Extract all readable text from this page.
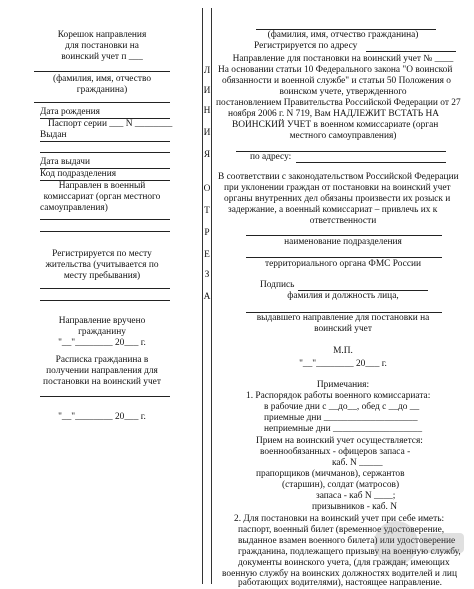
Корешок направления
для постановки на
воинский учет п ___
(фамилия, имя, отчество
гражданина)
Дата рождения
Паспорт серии ___ N ________
Выдан
Дата выдачи
Код подразделения
Направлен в военный
комиссариат (орган местного
самоуправления)
Регистрируется по месту
жительства (учитывается по
месту пребывания)
Направление вручено
гражданину
"__"________ 20___ г.
Расписка гражданина в
получении направления для
постановки на воинский учет
"__"________ 20___ г.
Л
И
Н
И
Я
О
Т
Р
Е
З
А
(фамилия, имя, отчество гражданина)
Регистрируется по адресу
Направление для постановки на воинский учет № ____
На основании статьи 10 Федерального закона "О воинской
обязанности и военной службе" и статьи 50 Положения о
воинском учете, утвержденного
постановлением Правительства Российской Федерации от 27
ноября 2006 г. N 719, Вам НАДЛЕЖИТ ВСТАТЬ НА
ВОИНСКИЙ УЧЕТ в военном комиссариате (орган
местного самоуправления)
по адресу:
В соответствии с законодательством Российской Федерации
при уклонении граждан от постановки на воинский учет
органы внутренних дел обязаны произвести их розыск и
задержание, а военный комиссариат – привлечь их к
ответственности
наименование подразделения
территориального органа ФМС России
Подпись
фамилия и должность лица,
выдавшего направление для постановки на
воинский учет
М.П.
"__"________ 20___ г.
Примечания:
1. Распорядок работы военного комиссариата:
в рабочие дни с __до__, обед с __до __
приемные дни ____________________
неприемные дни ___________________
Прием на воинский учет осуществляется:
военнообязанных - офицеров запаса -
каб. N _____
прапорщиков (мичманов), сержантов
(старшин), солдат (матросов)
запаса - каб N ____;
призывников - каб. N
2. Для постановки на воинский учет при себе иметь:
паспорт, военный билет (временное удостоверение,
выданное взамен военного билета) или удостоверение
гражданина, подлежащего призыву на военную службу,
документы воинского учета, (для граждан, имеющих
военную службу на воинских должностях водителей и лиц
работающих водителями), настоящее направление.
